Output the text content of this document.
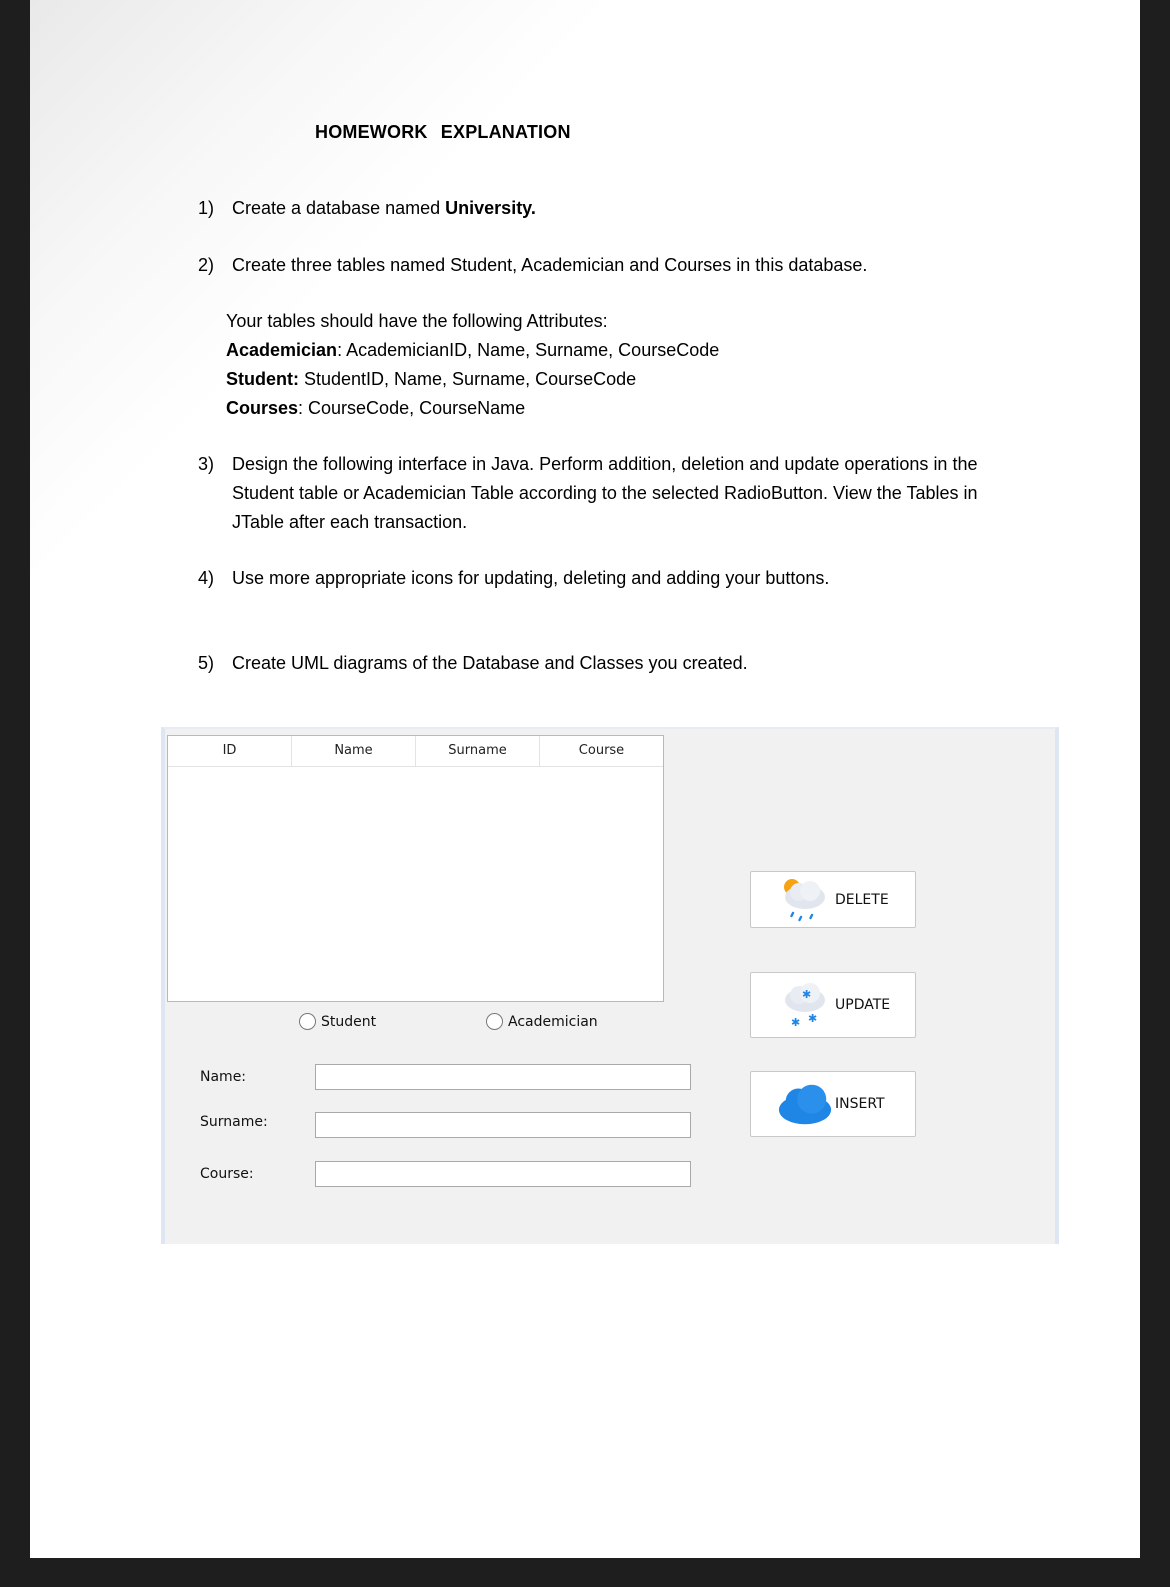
HOMEWORK EXPLANATION
1) Create a database named University.
2) Create three tables named Student, Academician and Courses in this database.
Your tables should have the following Attributes:
Academician: AcademicianID, Name, Surname, CourseCode
Student: StudentID, Name, Surname, CourseCode
Courses: CourseCode, CourseName
3) Design the following interface in Java. Perform addition, deletion and update operations in the Student table or Academician Table according to the selected RadioButton. View the Tables in JTable after each transaction.
4) Use more appropriate icons for updating, deleting and adding your buttons.
5) Create UML diagrams of the Database and Classes you created.
ID	Name	Surname	Course
Student	Academician
Name:
Surname:
Course:
DELETE
✱
✱ ✱
UPDATE
INSERT
